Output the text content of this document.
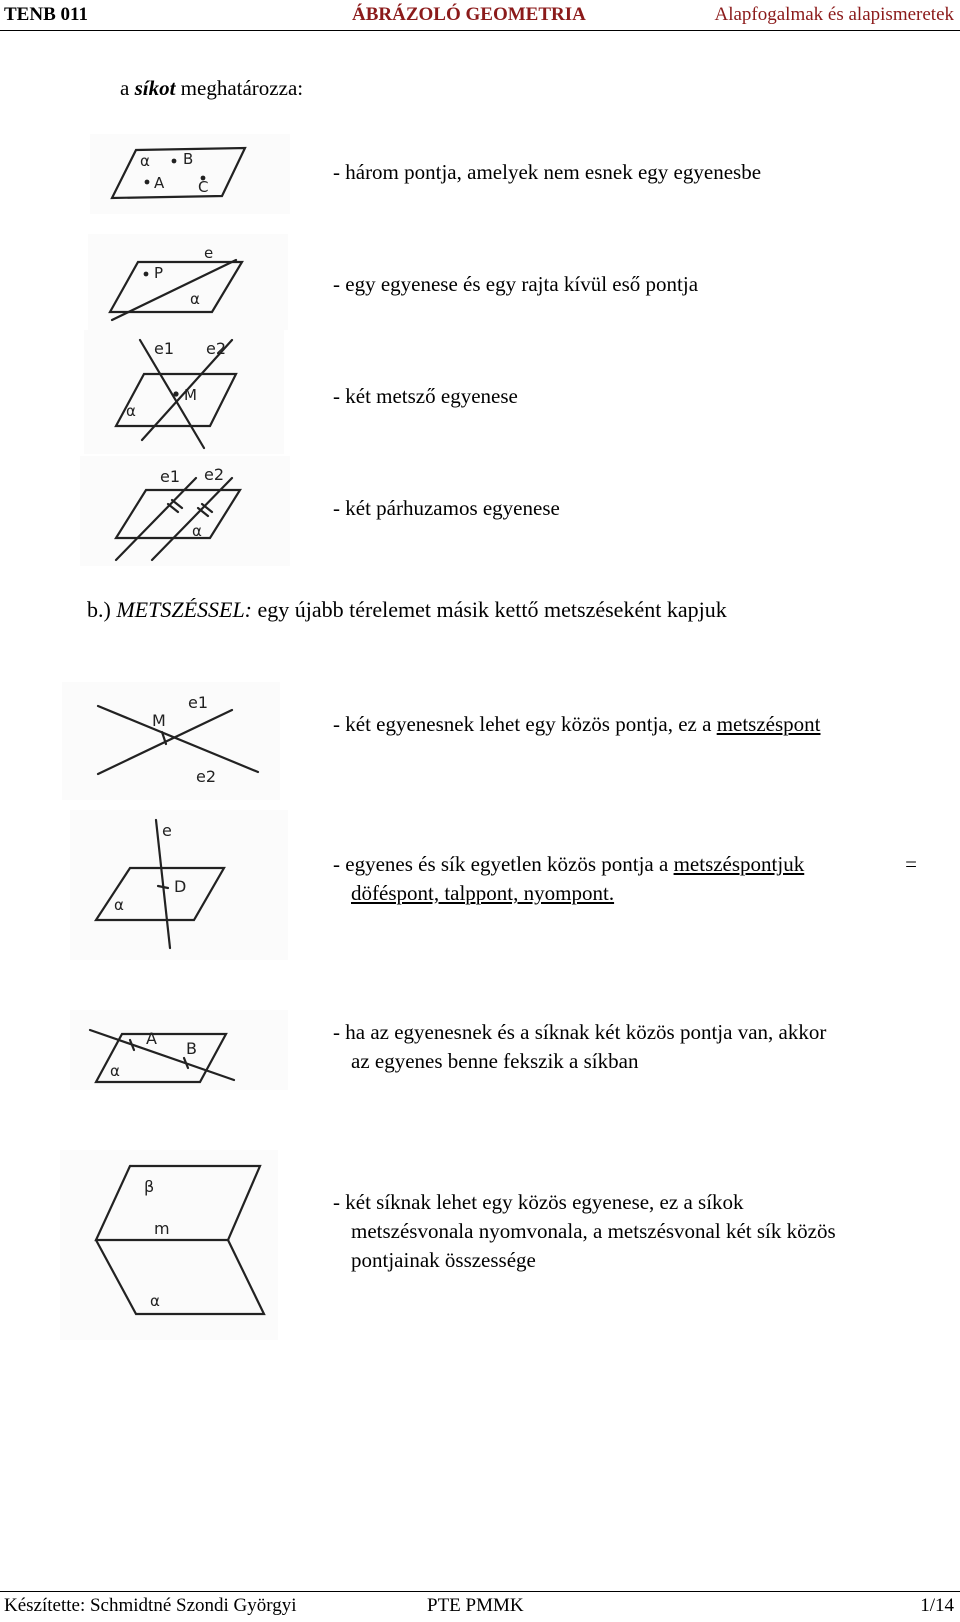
TENB 011	ÁBRÁZOLÓ GEOMETRIA	Alapfogalmak és alapismeretek
a síkot meghatározza:
α B
A C
- három pontja, amelyek nem esnek egy egyenesbe
P
e
α
- egy egyenese és egy rajta kívül eső pontja
e1 e2
M
α
- két metsző egyenese
e1 e2
α
- két párhuzamos egyenese
b.) METSZÉSSEL: egy újabb térelemet másik kettő metszéseként kapjuk
M
e1
e2
- két egyenesnek lehet egy közös pontja, ez a metszéspont
e
D
α
- egyenes és sík egyetlen közös pontja a metszéspontjuk	=
döféspont, talppont, nyompont.
A
B
α
- ha az egyenesnek és a síknak két közös pontja van, akkor
az egyenes benne fekszik a síkban
β
m
α
- két síknak lehet egy közös egyenese, ez a síkok
metszésvonala nyomvonala, a metszésvonal két sík közös
pontjainak összessége
Készítette: Schmidtné Szondi Györgyi	PTE PMMK	1/14
